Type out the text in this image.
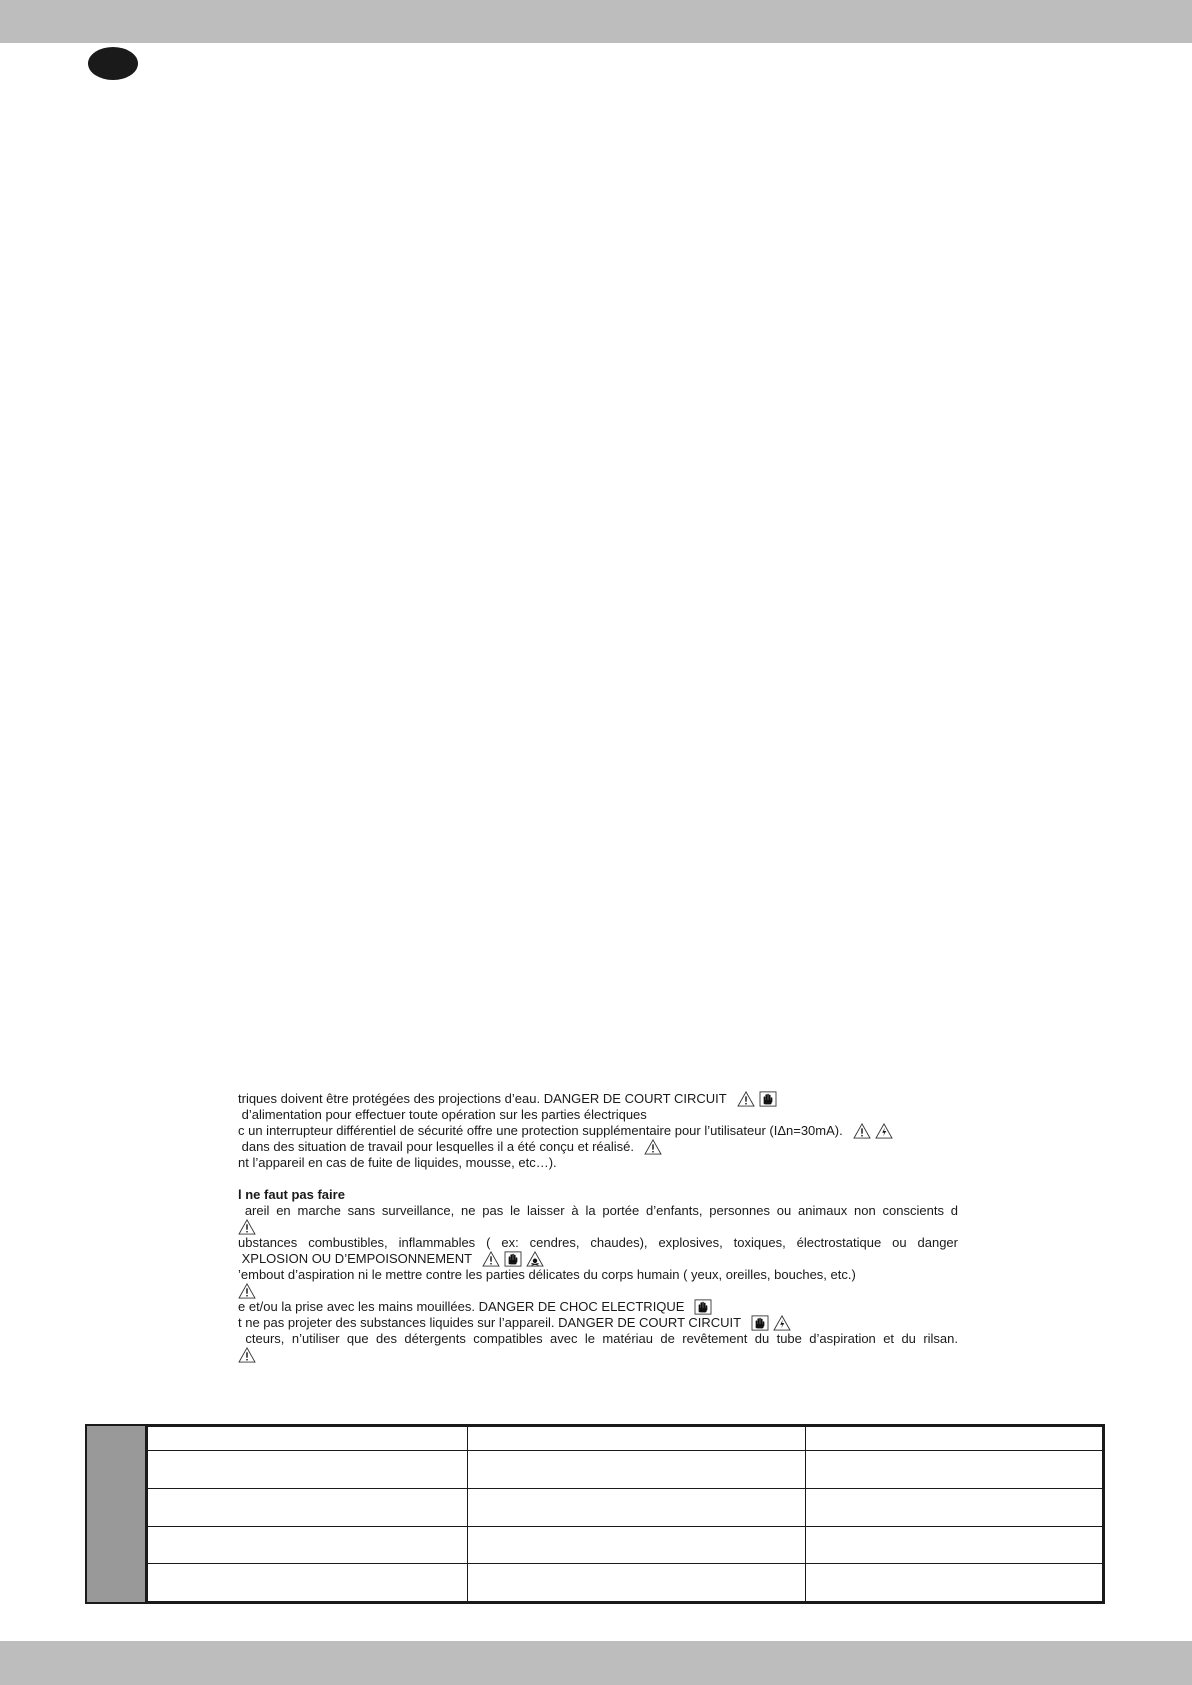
triques doivent être protégées des projections d’eau. DANGER DE COURT CIRCUIT
d’alimentation pour effectuer toute opération sur les parties électriques
c un interrupteur différentiel de sécurité offre une protection supplémentaire pour l’utilisateur (IΔn=30mA).
dans des situation de travail pour lesquelles il a été conçu et réalisé.
nt l’appareil en cas de fuite de liquides, mousse, etc…).
l ne faut pas faire
areil en marche sans surveillance, ne pas le laisser à la portée d’enfants, personnes ou animaux non conscients d
ubstances combustibles, inflammables ( ex: cendres, chaudes), explosives, toxiques, électrostatique ou danger
XPLOSION OU D’EMPOISONNEMENT
’embout d’aspiration ni le mettre contre les parties délicates du corps humain ( yeux, oreilles, bouches, etc.)
e et/ou la prise avec les mains mouillées. DANGER DE CHOC ELECTRIQUE
t ne pas projeter des substances liquides sur l’appareil. DANGER DE COURT CIRCUIT
cteurs, n’utiliser que des détergents compatibles avec le matériau de revêtement du tube d’aspiration et du rilsan.
